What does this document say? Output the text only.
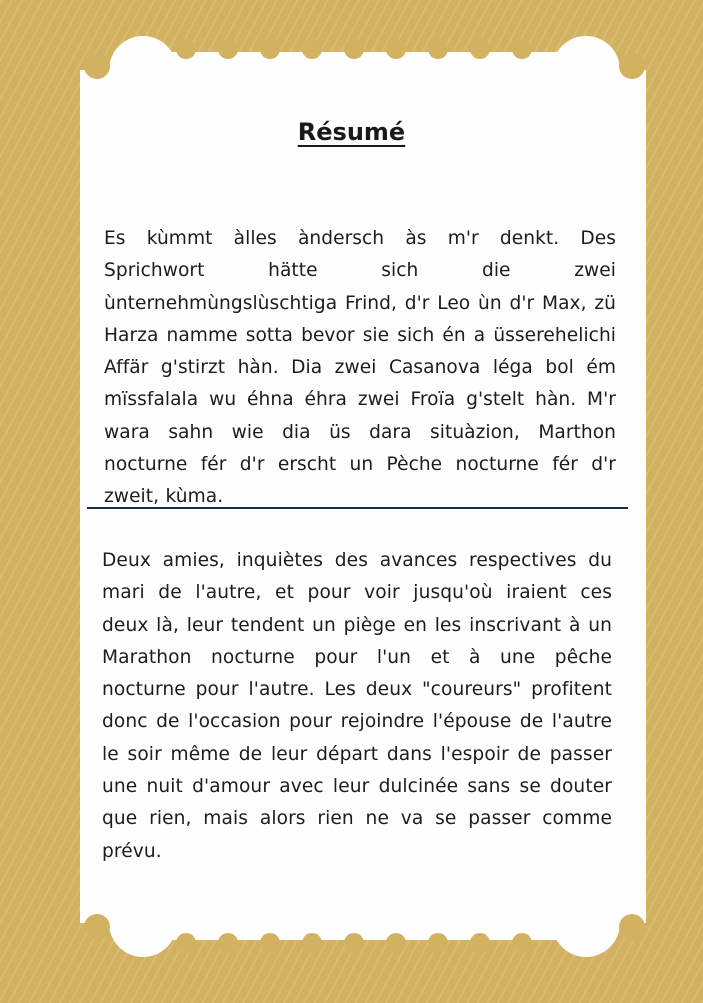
Résumé
Es kùmmt àlles àndersch às m'r denkt. Des Sprichwort hätte sich die zwei ùnternehmùngslùschtiga Frind, d'r Leo ùn d'r Max, zü Harza namme sotta bevor sie sich én a üsserehelichi Affär g'stirzt hàn. Dia zwei Casanova léga bol ém mïssfalala wu éhna éhra zwei Froïa g'stelt hàn. M'r wara sahn wie dia üs dara situàzion, Marthon nocturne fér d'r erscht un Pèche nocturne fér d'r zweit, kùma.
Deux amies, inquiètes des avances respectives du mari de l'autre, et pour voir jusqu'où iraient ces deux là, leur tendent un piège en les inscrivant à un Marathon nocturne pour l'un et à une pêche nocturne pour l'autre. Les deux "coureurs" profitent donc de l'occasion pour rejoindre l'épouse de l'autre le soir même de leur départ dans l'espoir de passer une nuit d'amour avec leur dulcinée sans se douter que rien, mais alors rien ne va se passer comme prévu.
